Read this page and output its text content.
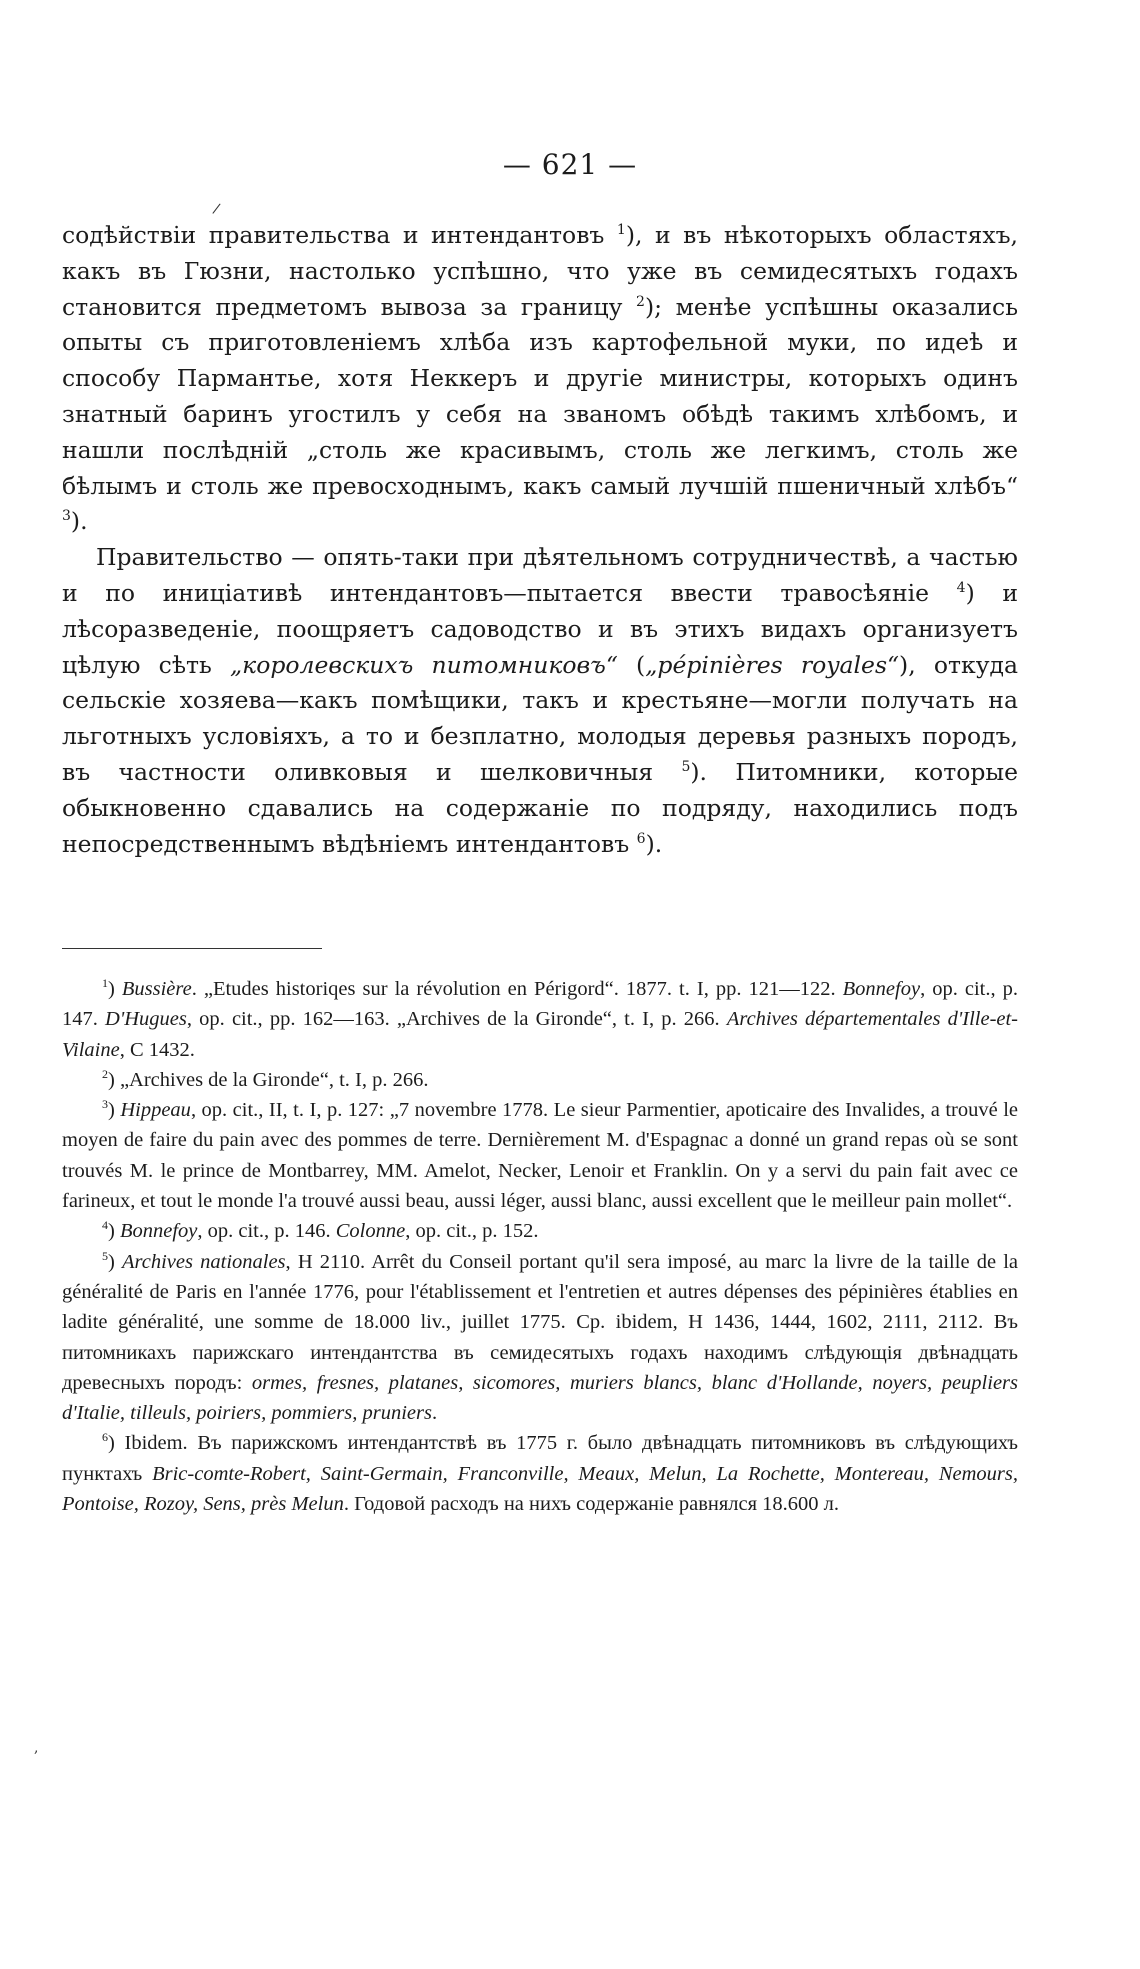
— 621 —
/

содѣйствіи правительства и интендантовъ $^1$), и въ нѣкоторыхъ областяхъ, какъ въ Гюзни, настолько успѣшно, что уже въ семидесятыхъ годахъ становится предметомъ вывоза за границу $^2$); менѣе успѣшны оказались опыты съ приготовленіемъ хлѣба изъ картофельной муки, по идеѣ и способу Пармантье, хотя Неккеръ и другіе министры, которыхъ одинъ знатный баринъ угостилъ у себя на званомъ обѣдѣ такимъ хлѣбомъ, и нашли послѣдній „столь же красивымъ, столь же легкимъ, столь же бѣлымъ и столь же превосходнымъ, какъ самый лучшій пшеничный хлѣбъ“ $^3$).

Правительство — опять-таки при дѣятельномъ сотрудничествѣ, а частью и по иниціативѣ интендантовъ—пытается ввести травосѣяніе $^4$) и лѣсоразведеніе, поощряетъ садоводство и въ этихъ видахъ организуетъ цѣлую сѣть „королевскихъ питомниковъ“ („pépinières royales“), откуда сельскіе хозяева—какъ помѣщики, такъ и крестьяне—могли получать на льготныхъ условіяхъ, а то и безплатно, молодыя деревья разныхъ породъ, въ частности оливковыя и шелковичныя $^5$). Питомники, которые обыкновенно сдавались на содержаніе по подряду, находились подъ непосредственнымъ вѣдѣніемъ интендантовъ $^6$).

$^1$) Bussière. „Etudes historiqes sur la révolution en Périgord“. 1877. t. I, pp. 121—122. Bonnefoy, op. cit., p. 147. D'Hugues, op. cit., pp. 162—163. „Archives de la Gironde“, t. I, p. 266. Archives départementales d'Ille-et-Vilaine, C 1432.

$^2$) „Archives de la Gironde“, t. I, p. 266.

$^3$) Hippeau, op. cit., II, t. I, p. 127: „7 novembre 1778. Le sieur Parmentier, apoticaire des Invalides, a trouvé le moyen de faire du pain avec des pommes de terre. Dernièrement M. d'Espagnac a donné un grand repas où se sont trouvés M. le prince de Montbarrey, MM. Amelot, Necker, Lenoir et Franklin. On y a servi du pain fait avec ce farineux, et tout le monde l'a trouvé aussi beau, aussi léger, aussi blanc, aussi excellent que le meilleur pain mollet“.

$^4$) Bonnefoy, op. cit., p. 146. Colonne, op. cit., p. 152.

$^5$) Archives nationales, H 2110. Arrêt du Conseil portant qu'il sera imposé, au marc la livre de la taille de la généralité de Paris en l'année 1776, pour l'établissement et l'entretien et autres dépenses des pépinières établies en ladite généralité, une somme de 18.000 liv., juillet 1775. Ср. ibidem, H 1436, 1444, 1602, 2111, 2112. Въ питомникахъ парижскаго интендантства въ семидесятыхъ годахъ находимъ слѣдующія двѣнадцать древесныхъ породъ: ormes, fresnes, platanes, sicomores, muriers blancs, blanc d'Hollande, noyers, peupliers d'Italie, tilleuls, poiriers, pommiers, pruniers.

$^6$) Ibidem. Въ парижскомъ интендантствѣ въ 1775 г. было двѣнадцать питомниковъ въ слѣдующихъ пунктахъ Bric-comte-Robert, Saint-Germain, Franconville, Meaux, Melun, La Rochette, Montereau, Nemours, Pontoise, Rozoy, Sens, près Melun. Годовой расходъ на нихъ содержаніе равнялся 18.600 л.

,
